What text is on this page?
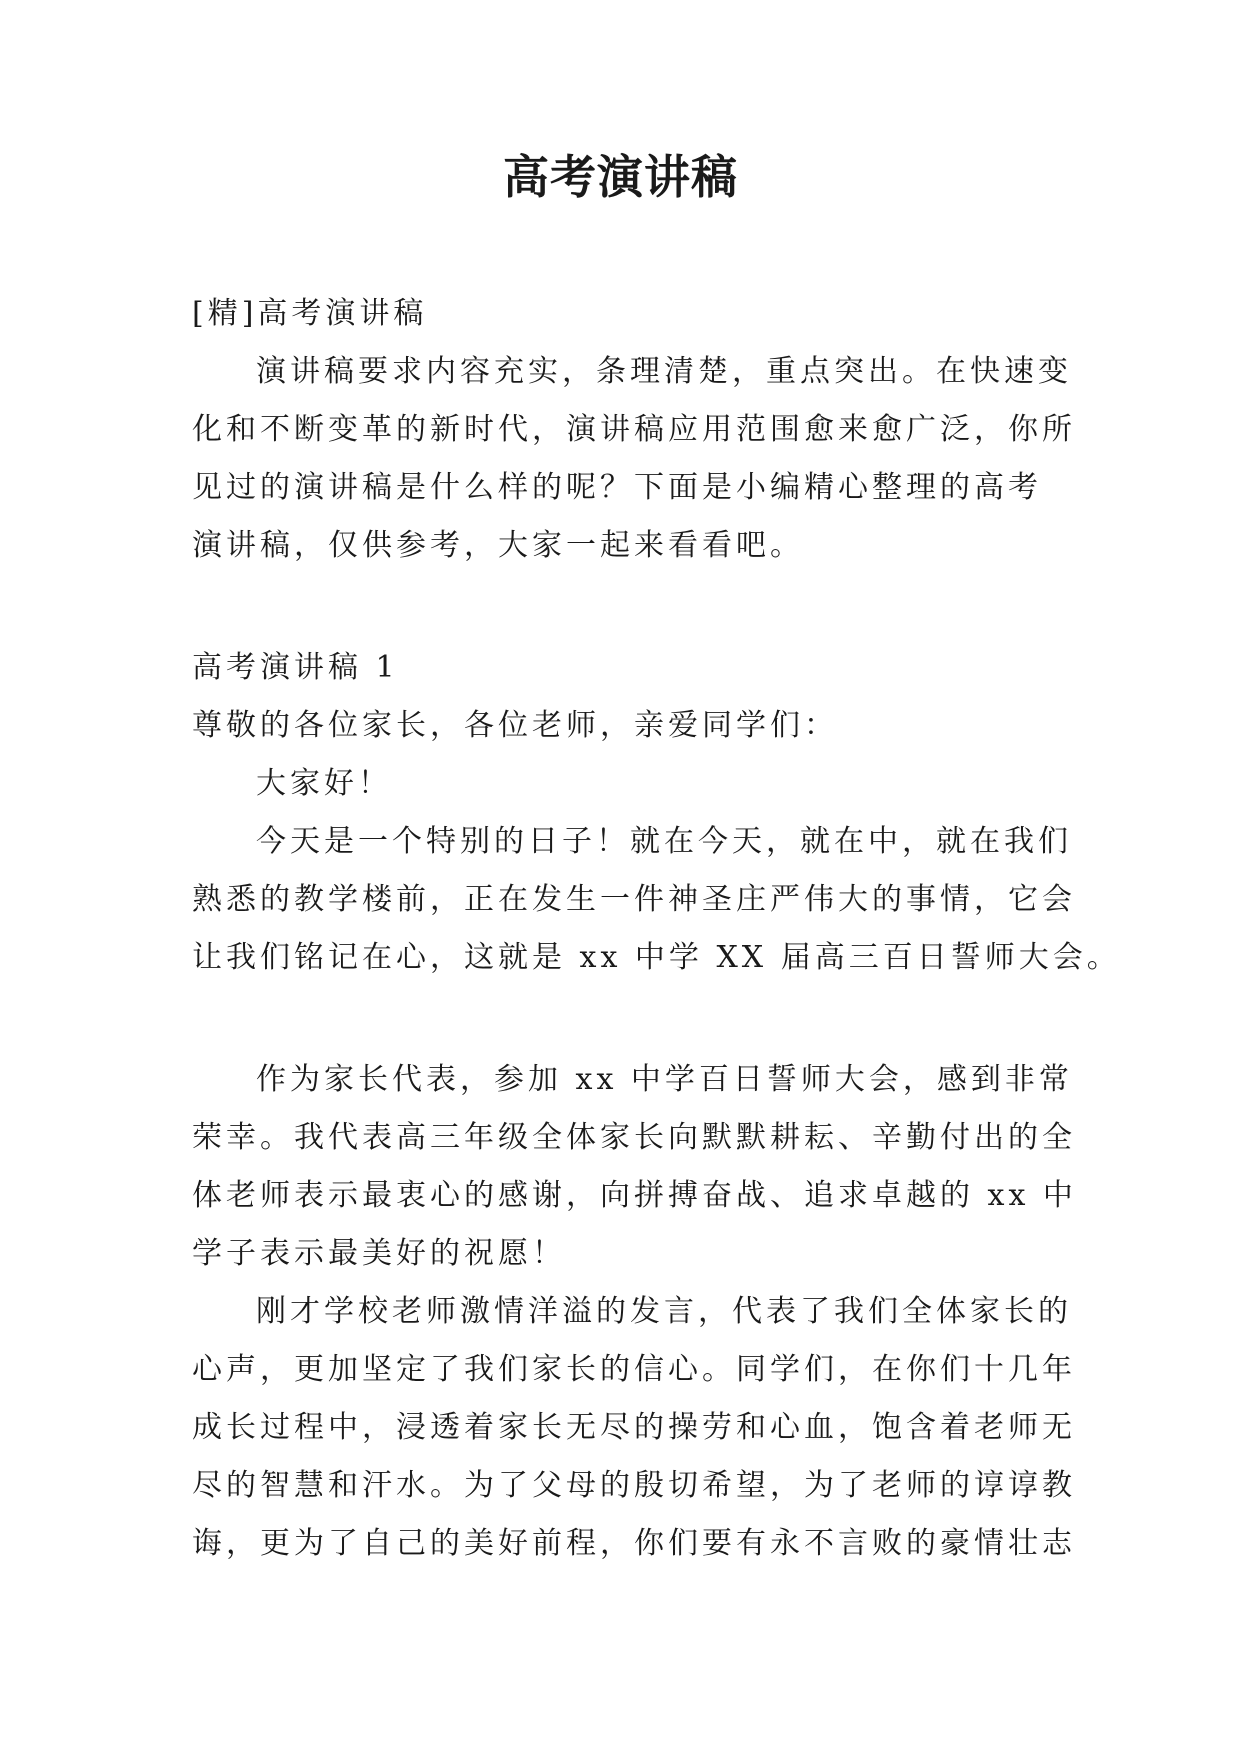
高考演讲稿

[精]高考演讲稿

演讲稿要求内容充实，条理清楚，重点突出。在快速变

化和不断变革的新时代，演讲稿应用范围愈来愈广泛，你所

见过的演讲稿是什么样的呢？下面是小编精心整理的高考

演讲稿，仅供参考，大家一起来看看吧。

高考演讲稿 1

尊敬的各位家长，各位老师，亲爱同学们：

大家好！

今天是一个特别的日子！就在今天，就在中，就在我们

熟悉的教学楼前，正在发生一件神圣庄严伟大的事情，它会

让我们铭记在心，这就是 xx 中学 XX 届高三百日誓师大会。

作为家长代表，参加 xx 中学百日誓师大会，感到非常

荣幸。我代表高三年级全体家长向默默耕耘、辛勤付出的全

体老师表示最衷心的感谢，向拼搏奋战、追求卓越的 xx 中

学子表示最美好的祝愿！

刚才学校老师激情洋溢的发言，代表了我们全体家长的

心声，更加坚定了我们家长的信心。同学们，在你们十几年

成长过程中，浸透着家长无尽的操劳和心血，饱含着老师无

尽的智慧和汗水。为了父母的殷切希望，为了老师的谆谆教

诲，更为了自己的美好前程，你们要有永不言败的豪情壮志
